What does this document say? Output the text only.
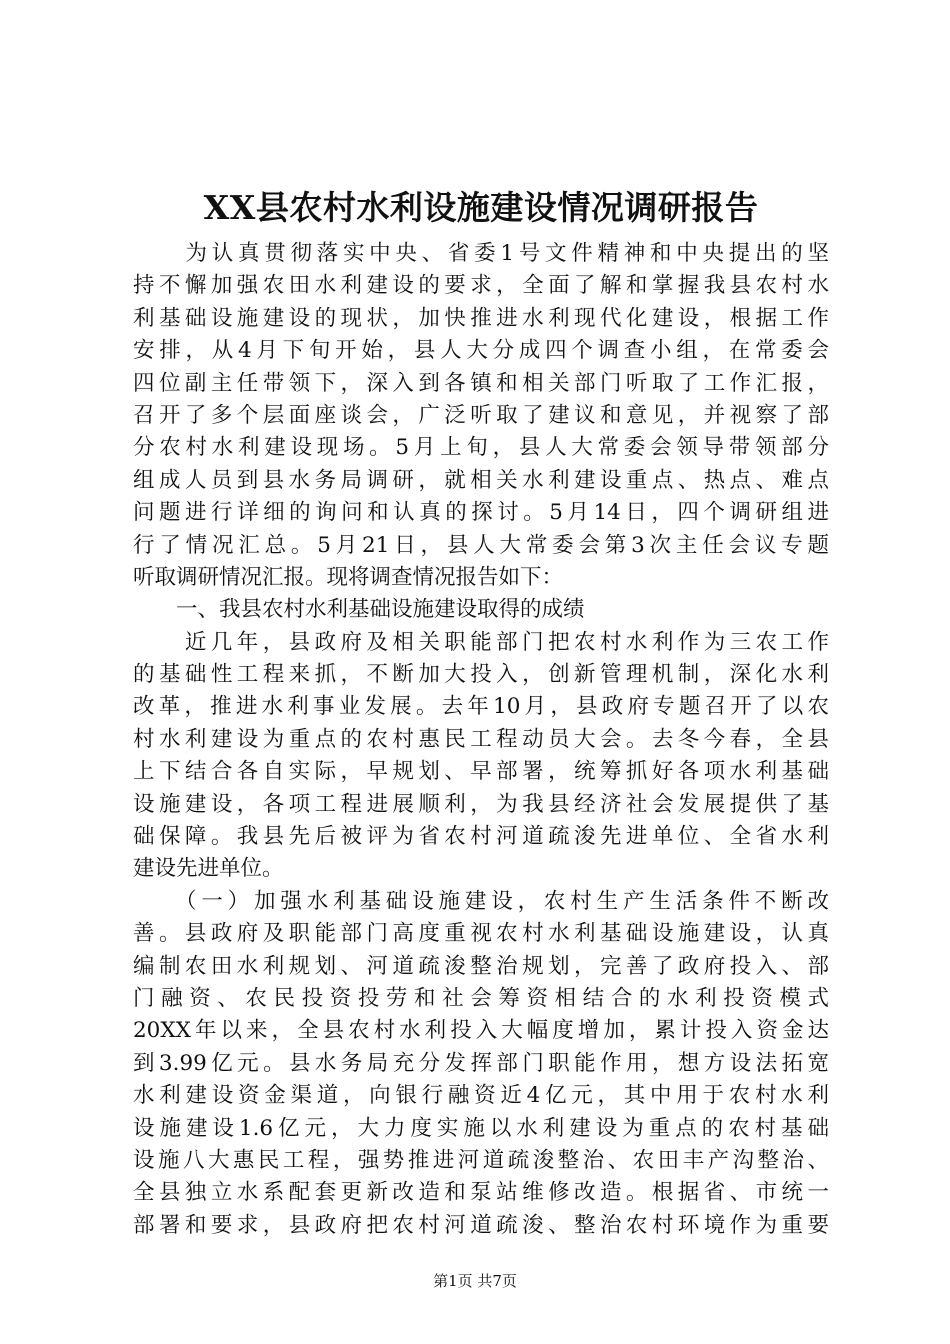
XX县农村水利设施建设情况调研报告
　　为认真贯彻落实中央、省委1号文件精神和中央提出的坚
持不懈加强农田水利建设的要求，全面了解和掌握我县农村水
利基础设施建设的现状，加快推进水利现代化建设，根据工作
安排，从4月下旬开始，县人大分成四个调查小组，在常委会
四位副主任带领下，深入到各镇和相关部门听取了工作汇报，
召开了多个层面座谈会，广泛听取了建议和意见，并视察了部
分农村水利建设现场。5月上旬，县人大常委会领导带领部分
组成人员到县水务局调研，就相关水利建设重点、热点、难点
问题进行详细的询问和认真的探讨。5月14日，四个调研组进
行了情况汇总。5月21日，县人大常委会第3次主任会议专题
听取调研情况汇报。现将调查情况报告如下：
　　一、我县农村水利基础设施建设取得的成绩
　　近几年，县政府及相关职能部门把农村水利作为三农工作
的基础性工程来抓，不断加大投入，创新管理机制，深化水利
改革，推进水利事业发展。去年10月，县政府专题召开了以农
村水利建设为重点的农村惠民工程动员大会。去冬今春，全县
上下结合各自实际，早规划、早部署，统筹抓好各项水利基础
设施建设，各项工程进展顺利，为我县经济社会发展提供了基
础保障。我县先后被评为省农村河道疏浚先进单位、全省水利
建设先进单位。
　　（一）加强水利基础设施建设，农村生产生活条件不断改
善。县政府及职能部门高度重视农村水利基础设施建设，认真
编制农田水利规划、河道疏浚整治规划，完善了政府投入、部
门融资、农民投资投劳和社会筹资相结合的水利投资模式
20XX年以来，全县农村水利投入大幅度增加，累计投入资金达
到3.99亿元。县水务局充分发挥部门职能作用，想方设法拓宽
水利建设资金渠道，向银行融资近4亿元，其中用于农村水利
设施建设1.6亿元，大力度实施以水利建设为重点的农村基础
设施八大惠民工程，强势推进河道疏浚整治、农田丰产沟整治、
全县独立水系配套更新改造和泵站维修改造。根据省、市统一
部署和要求，县政府把农村河道疏浚、整治农村环境作为重要
第1页 共7页
